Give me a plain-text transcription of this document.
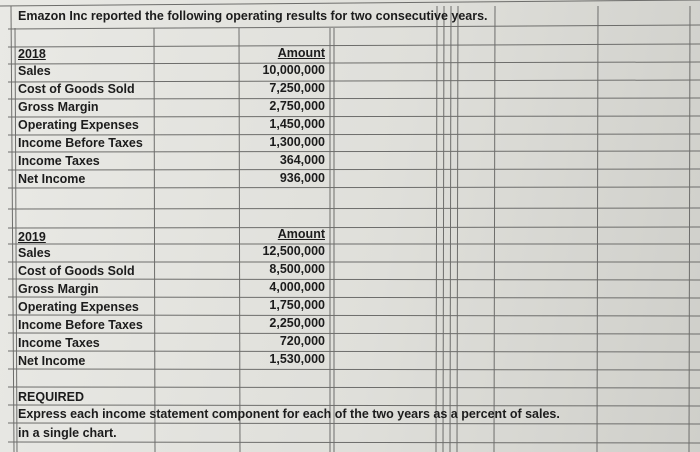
Emazon Inc reported the following operating results for two consecutive years.
2018	Amount
Sales	10,000,000
Cost of Goods Sold	7,250,000
Gross Margin	2,750,000
Operating Expenses	1,450,000
Income Before Taxes	1,300,000
Income Taxes	364,000
Net Income	936,000
2019	Amount
Sales	12,500,000
Cost of Goods Sold	8,500,000
Gross Margin	4,000,000
Operating Expenses	1,750,000
Income Before Taxes	2,250,000
Income Taxes	720,000
Net Income	1,530,000
REQUIRED
Express each income statement component for each of the two years as a percent of sales.
in a single chart.
